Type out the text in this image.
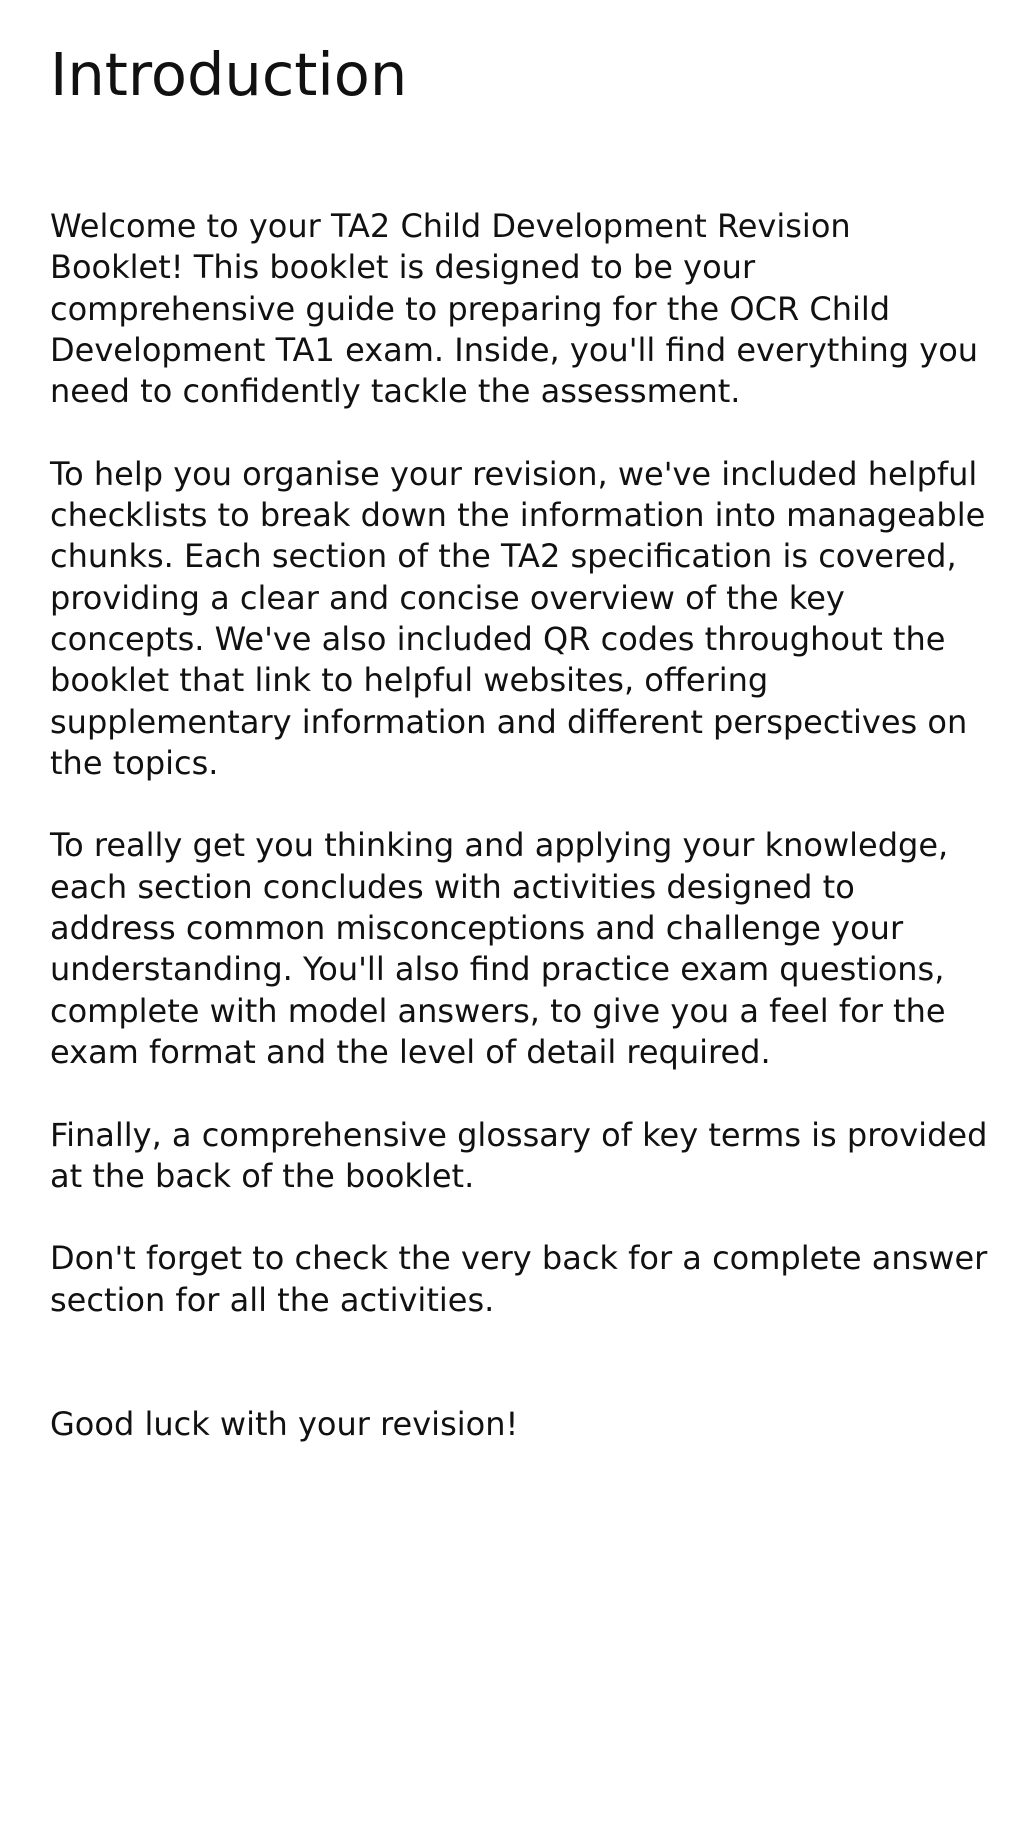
Introduction

Welcome to your TA2 Child Development Revision Booklet! This booklet is designed to be your comprehensive guide to preparing for the OCR Child Development TA1 exam. Inside, you'll find everything you need to confidently tackle the assessment.

To help you organise your revision, we've included helpful checklists to break down the information into manageable chunks. Each section of the TA2 specification is covered, providing a clear and concise overview of the key concepts. We've also included QR codes throughout the booklet that link to helpful websites, offering supplementary information and different perspectives on the topics.

To really get you thinking and applying your knowledge, each section concludes with activities designed to address common misconceptions and challenge your understanding. You'll also find practice exam questions, complete with model answers, to give you a feel for the exam format and the level of detail required.

Finally, a comprehensive glossary of key terms is provided at the back of the booklet.

Don't forget to check the very back for a complete answer section for all the activities.

Good luck with your revision!
